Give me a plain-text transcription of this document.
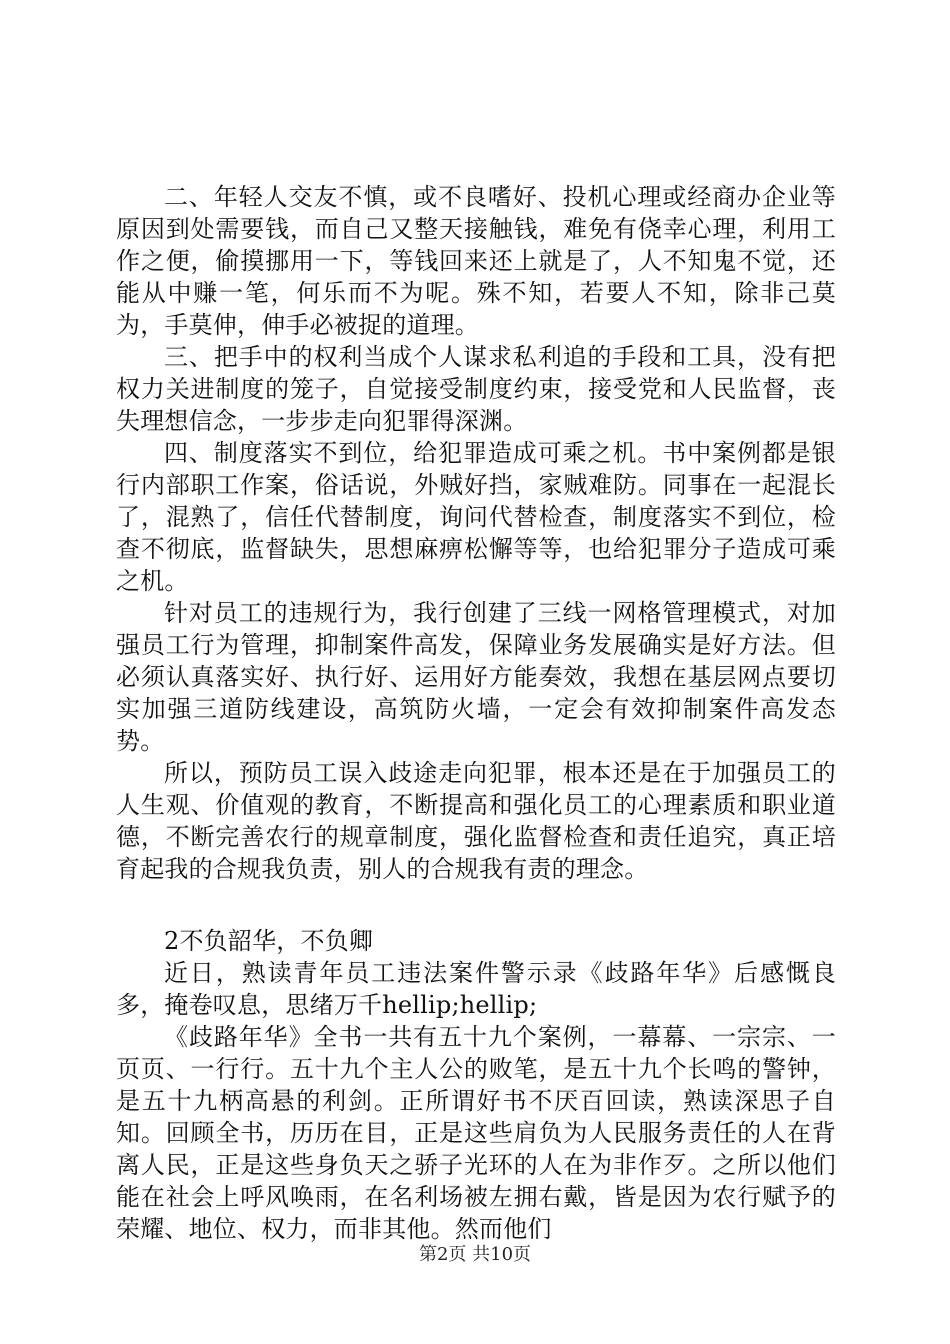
二、年轻人交友不慎，或不良嗜好、投机心理或经商办企业等原因到处需要钱，而自己又整天接触钱，难免有侥幸心理，利用工作之便，偷摸挪用一下，等钱回来还上就是了，人不知鬼不觉，还能从中赚一笔，何乐而不为呢。殊不知，若要人不知，除非己莫为，手莫伸，伸手必被捉的道理。

三、把手中的权利当成个人谋求私利追的手段和工具，没有把权力关进制度的笼子，自觉接受制度约束，接受党和人民监督，丧失理想信念，一步步走向犯罪得深渊。

四、制度落实不到位，给犯罪造成可乘之机。书中案例都是银行内部职工作案，俗话说，外贼好挡，家贼难防。同事在一起混长了，混熟了，信任代替制度，询问代替检查，制度落实不到位，检查不彻底，监督缺失，思想麻痹松懈等等，也给犯罪分子造成可乘之机。

针对员工的违规行为，我行创建了三线一网格管理模式，对加强员工行为管理，抑制案件高发，保障业务发展确实是好方法。但必须认真落实好、执行好、运用好方能奏效，我想在基层网点要切实加强三道防线建设，高筑防火墙，一定会有效抑制案件高发态势。

所以，预防员工误入歧途走向犯罪，根本还是在于加强员工的人生观、价值观的教育，不断提高和强化员工的心理素质和职业道德，不断完善农行的规章制度，强化监督检查和责任追究，真正培育起我的合规我负责，别人的合规我有责的理念。

2不负韶华，不负卿

近日，熟读青年员工违法案件警示录《歧路年华》后感慨良多，掩卷叹息，思绪万千hellip;hellip;

《歧路年华》全书一共有五十九个案例，一幕幕、一宗宗、一页页、一行行。五十九个主人公的败笔，是五十九个长鸣的警钟，是五十九柄高悬的利剑。正所谓好书不厌百回读，熟读深思子自知。回顾全书，历历在目，正是这些肩负为人民服务责任的人在背离人民，正是这些身负天之骄子光环的人在为非作歹。之所以他们能在社会上呼风唤雨，在名利场被左拥右戴，皆是因为农行赋予的荣耀、地位、权力，而非其他。然而他们

第2页 共10页
